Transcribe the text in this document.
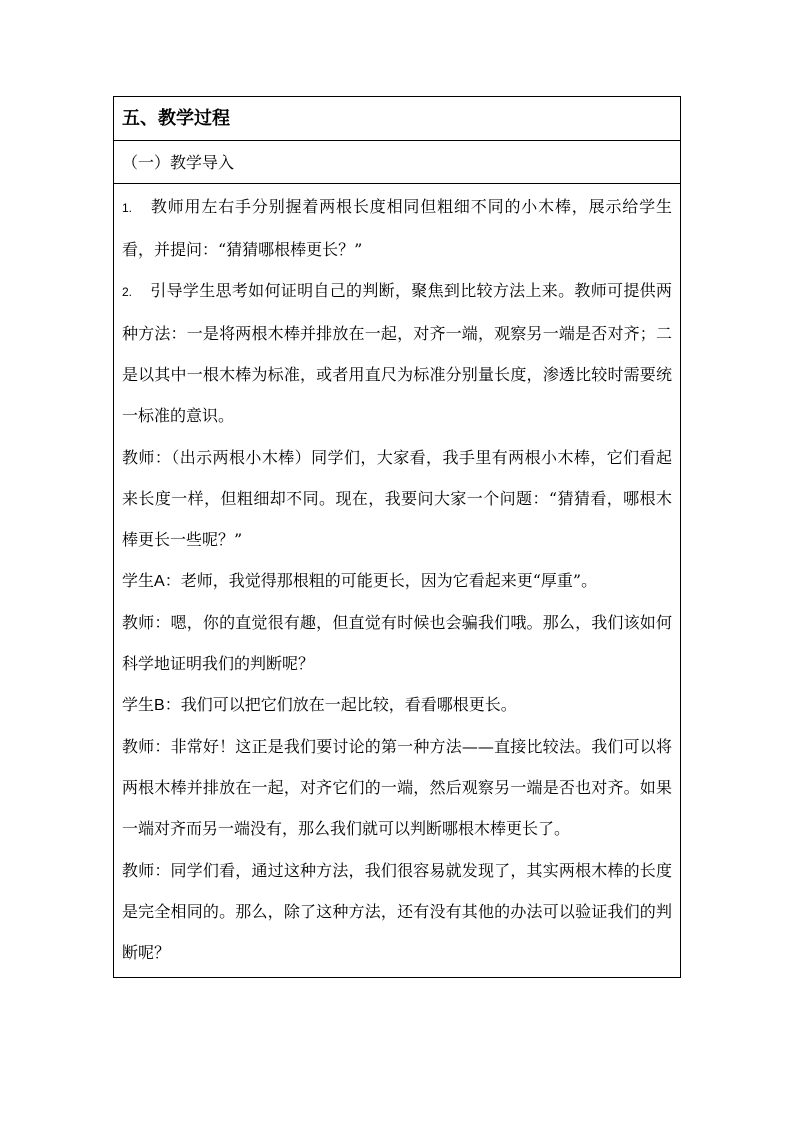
五、教学过程
（一）教学导入

1. 教师用左右手分别握着两根长度相同但粗细不同的小木棒，展示给学生看，并提问：“猜猜哪根棒更长？”

2. 引导学生思考如何证明自己的判断，聚焦到比较方法上来。教师可提供两种方法：一是将两根木棒并排放在一起，对齐一端，观察另一端是否对齐；二是以其中一根木棒为标准，或者用直尺为标准分别量长度，渗透比较时需要统一标准的意识。

教师：（出示两根小木棒）同学们，大家看，我手里有两根小木棒，它们看起来长度一样，但粗细却不同。现在，我要问大家一个问题：“猜猜看，哪根木棒更长一些呢？”

学生A：老师，我觉得那根粗的可能更长，因为它看起来更“厚重”。

教师：嗯，你的直觉很有趣，但直觉有时候也会骗我们哦。那么，我们该如何科学地证明我们的判断呢？

学生B：我们可以把它们放在一起比较，看看哪根更长。

教师：非常好！这正是我们要讨论的第一种方法——直接比较法。我们可以将两根木棒并排放在一起，对齐它们的一端，然后观察另一端是否也对齐。如果一端对齐而另一端没有，那么我们就可以判断哪根木棒更长了。

教师：同学们看，通过这种方法，我们很容易就发现了，其实两根木棒的长度是完全相同的。那么，除了这种方法，还有没有其他的办法可以验证我们的判断呢？
